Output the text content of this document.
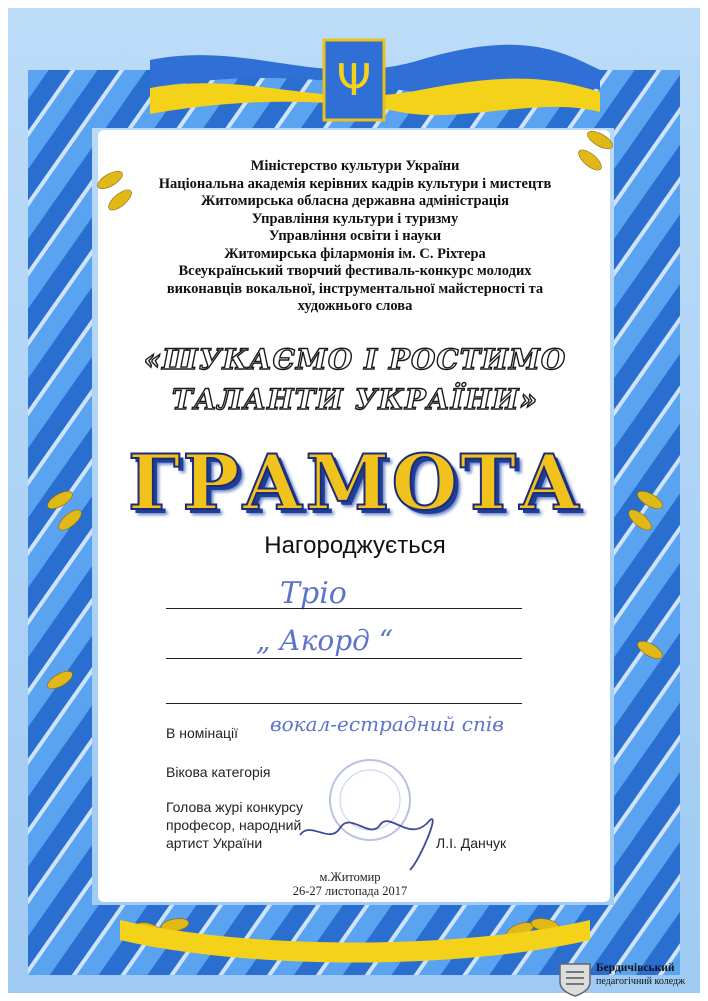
Ψ
Міністерство культури України
Національна академія керівних кадрів культури і мистецтв
Житомирська обласна державна адміністрація
Управління культури і туризму
Управління освіти і науки
Житомирська філармонія ім. С. Ріхтера
Всеукраїнський творчий фестиваль-конкурс молодих
виконавців вокальної, інструментальної майстерності та
художнього слова
«ШУКАЄМО І РОСТИМО
ТАЛАНТИ УКРАЇНИ»
ГРАМОТА
Нагороджується
Тріо
„ Акорд “
В номінації вокал-естрадний спів
Вікова категорія
Голова журі конкурсу
професор, народний
артист України	Л.І. Данчук
м.Житомир
26-27 листопада 2017
Бердичівський
педагогічний коледж
